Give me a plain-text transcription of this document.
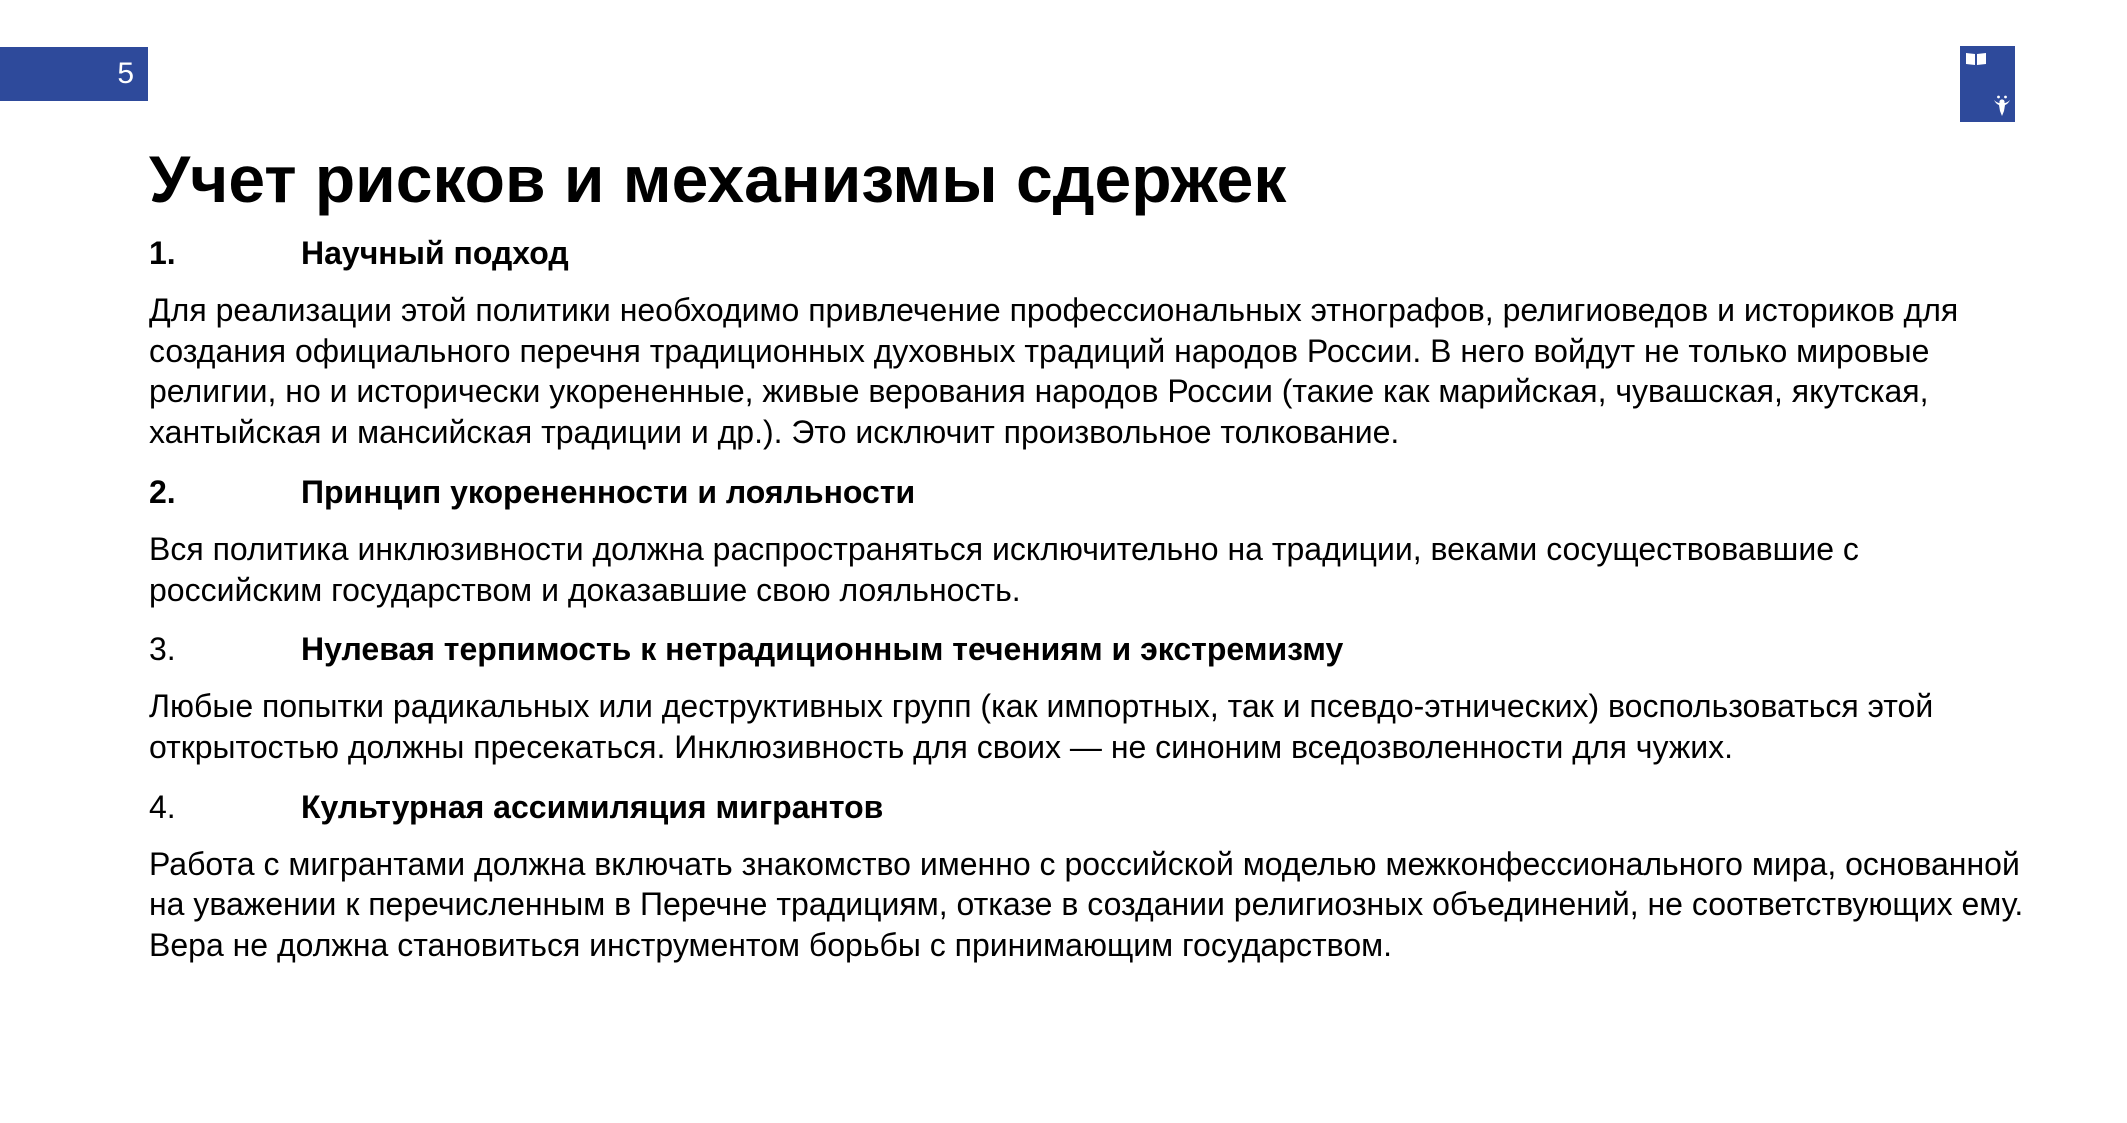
5
Учет рисков и механизмы сдержек
1.	Научный подход

Для реализации этой политики необходимо привлечение профессиональных этнографов, религиоведов и историков для создания официального перечня традиционных духовных традиций народов России. В него войдут не только мировые религии, но и исторически укорененные, живые верования народов России (такие как марийская, чувашская, якутская, хантыйская и мансийская традиции и др.). Это исключит произвольное толкование.

2.	Принцип укорененности и лояльности

Вся политика инклюзивности должна распространяться исключительно на традиции, веками сосуществовавшие с российским государством и доказавшие свою лояльность.

3.	Нулевая терпимость к нетрадиционным течениям и экстремизму

Любые попытки радикальных или деструктивных групп (как импортных, так и псевдо-этнических) воспользоваться этой открытостью должны пресекаться. Инклюзивность для своих — не синоним вседозволенности для чужих.

4.	Культурная ассимиляция мигрантов

Работа с мигрантами должна включать знакомство именно с российской моделью межконфессионального мира, основанной на уважении к перечисленным в Перечне традициям, отказе в создании религиозных объединений, не соответствующих ему. Вера не должна становиться инструментом борьбы с принимающим государством.
